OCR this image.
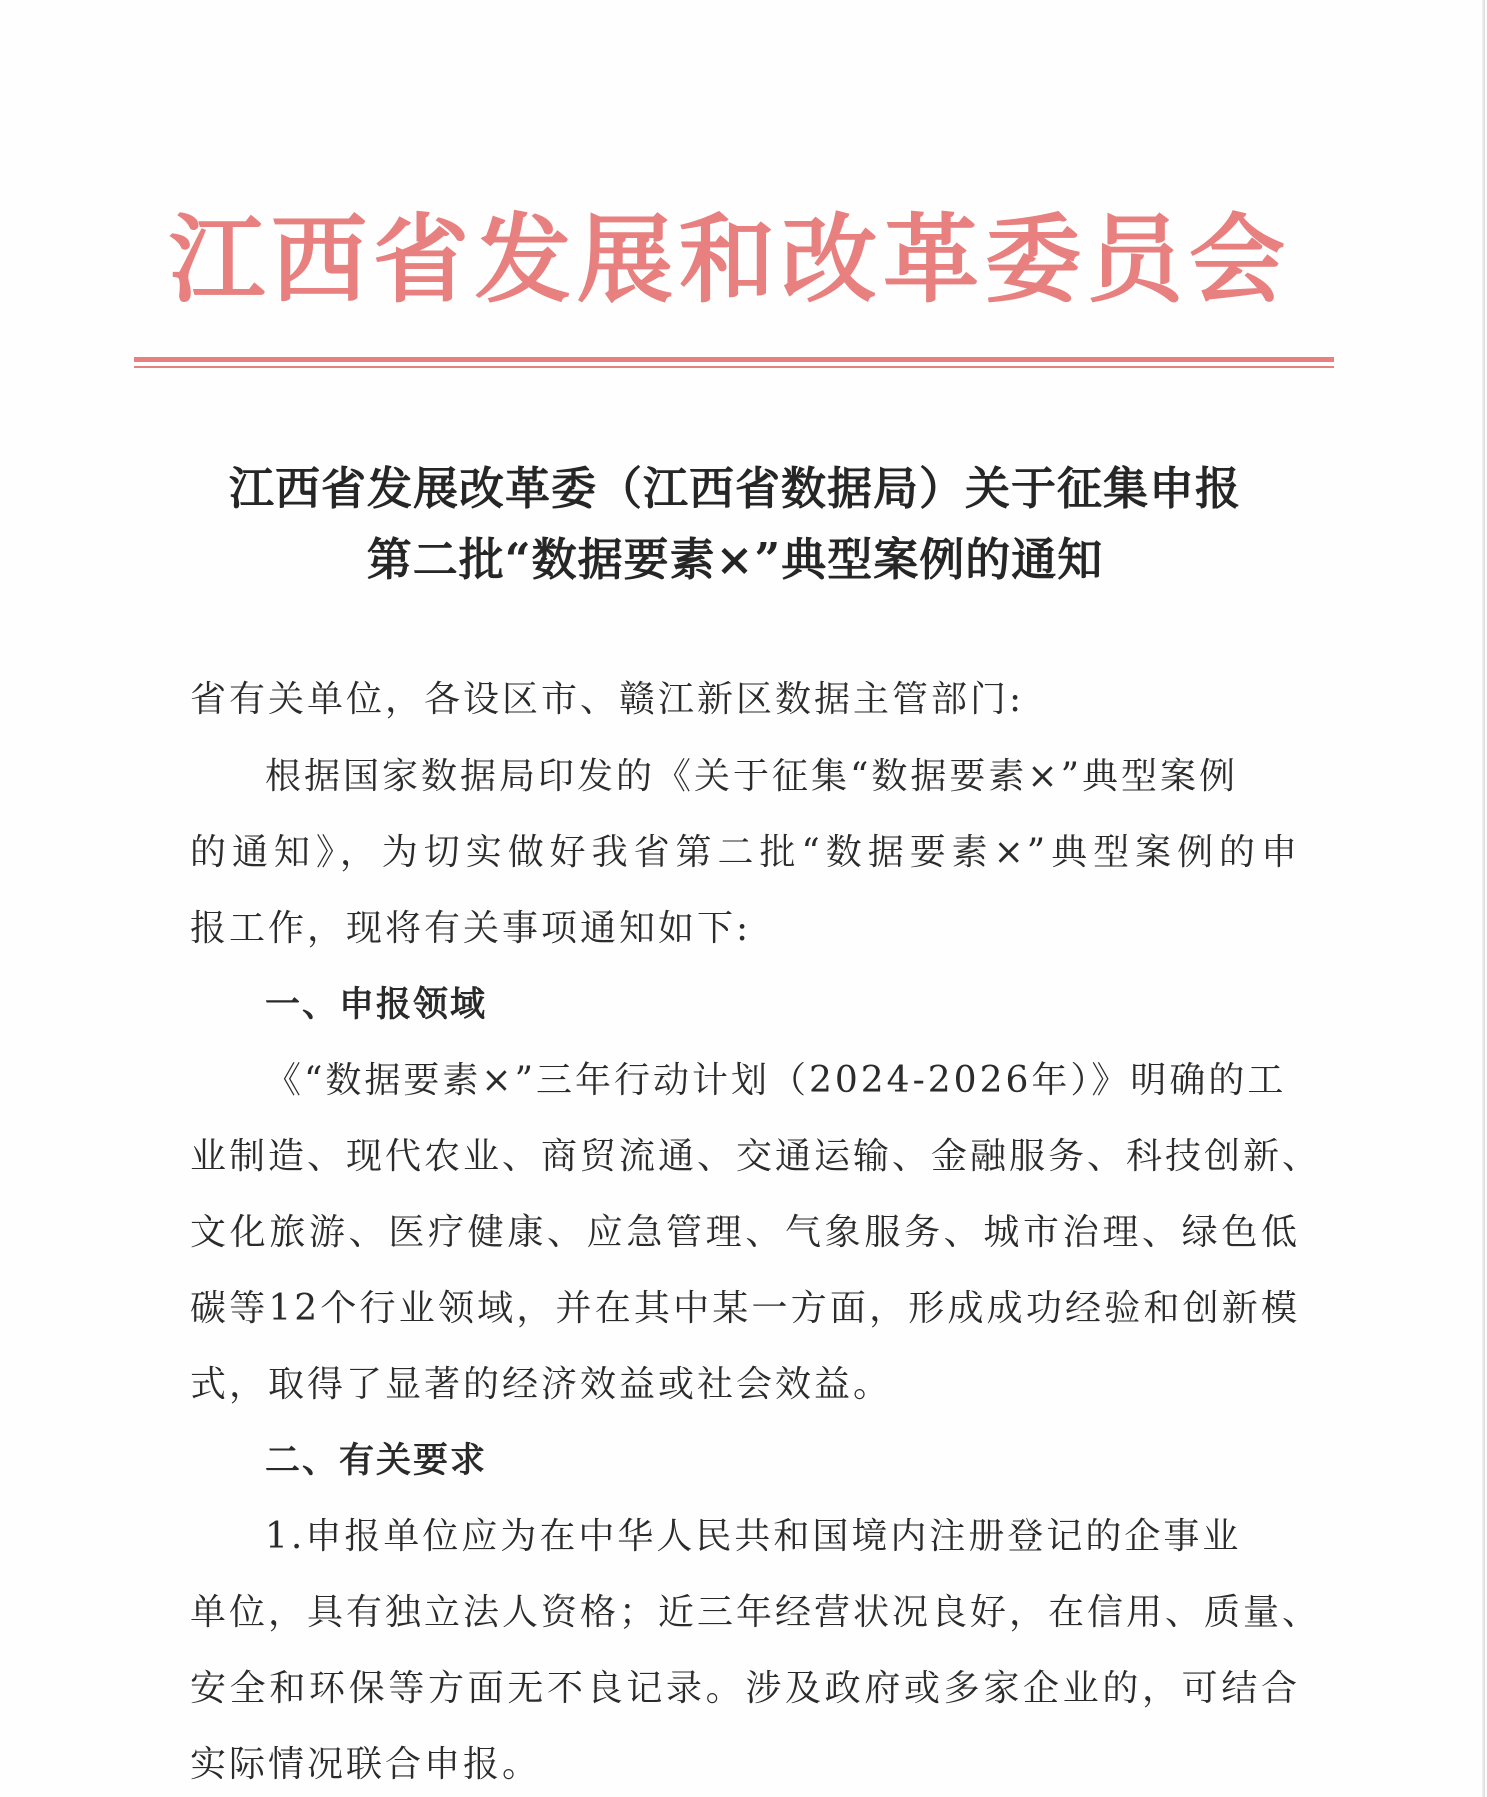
江西省发展和改革委员会
江西省发展改革委（江西省数据局）关于征集申报
第二批“数据要素×”典型案例的通知
省有关单位，各设区市、赣江新区数据主管部门:
根据国家数据局印发的《关于征集“数据要素×”典型案例
的通知》，为切实做好我省第二批“数据要素×”典型案例的申
报工作，现将有关事项通知如下:
一、申报领域
《“数据要素×”三年行动计划（2024-2026年）》明确的工
业制造、现代农业、商贸流通、交通运输、金融服务、科技创新、
文化旅游、医疗健康、应急管理、气象服务、城市治理、绿色低
碳等12个行业领域，并在其中某一方面，形成成功经验和创新模
式，取得了显著的经济效益或社会效益。
二、有关要求
1.申报单位应为在中华人民共和国境内注册登记的企事业
单位，具有独立法人资格；近三年经营状况良好，在信用、质量、
安全和环保等方面无不良记录。涉及政府或多家企业的，可结合
实际情况联合申报。
